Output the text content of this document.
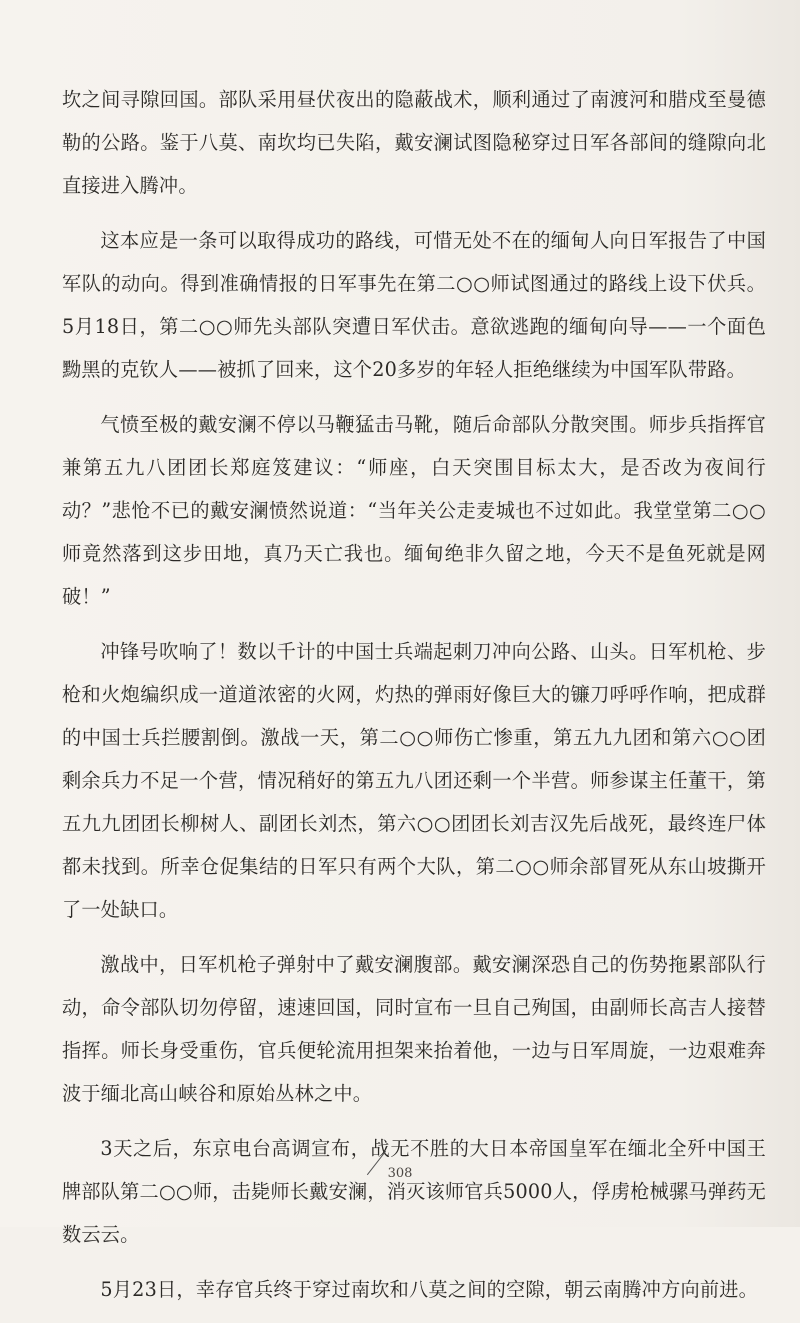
坎之间寻隙回国。部队采用昼伏夜出的隐蔽战术，顺利通过了南渡河和腊戍至曼德勒的公路。鉴于八莫、南坎均已失陷，戴安澜试图隐秘穿过日军各部间的缝隙向北直接进入腾冲。

这本应是一条可以取得成功的路线，可惜无处不在的缅甸人向日军报告了中国军队的动向。得到准确情报的日军事先在第二○○师试图通过的路线上设下伏兵。5月18日，第二○○师先头部队突遭日军伏击。意欲逃跑的缅甸向导——一个面色黝黑的克钦人——被抓了回来，这个20多岁的年轻人拒绝继续为中国军队带路。

气愤至极的戴安澜不停以马鞭猛击马靴，随后命部队分散突围。师步兵指挥官兼第五九八团团长郑庭笈建议：“师座，白天突围目标太大，是否改为夜间行动？”悲怆不已的戴安澜愤然说道：“当年关公走麦城也不过如此。我堂堂第二○○师竟然落到这步田地，真乃天亡我也。缅甸绝非久留之地，今天不是鱼死就是网破！”

冲锋号吹响了！数以千计的中国士兵端起刺刀冲向公路、山头。日军机枪、步枪和火炮编织成一道道浓密的火网，灼热的弹雨好像巨大的镰刀呼呼作响，把成群的中国士兵拦腰割倒。激战一天，第二○○师伤亡惨重，第五九九团和第六○○团剩余兵力不足一个营，情况稍好的第五九八团还剩一个半营。师参谋主任董干，第五九九团团长柳树人、副团长刘杰，第六○○团团长刘吉汉先后战死，最终连尸体都未找到。所幸仓促集结的日军只有两个大队，第二○○师余部冒死从东山坡撕开了一处缺口。

激战中，日军机枪子弹射中了戴安澜腹部。戴安澜深恐自己的伤势拖累部队行动，命令部队切勿停留，速速回国，同时宣布一旦自己殉国，由副师长高吉人接替指挥。师长身受重伤，官兵便轮流用担架来抬着他，一边与日军周旋，一边艰难奔波于缅北高山峡谷和原始丛林之中。

3天之后，东京电台高调宣布，战无不胜的大日本帝国皇军在缅北全歼中国王牌部队第二○○师，击毙师长戴安澜，消灭该师官兵5000人，俘虏枪械骡马弹药无数云云。

5月23日，幸存官兵终于穿过南坎和八莫之间的空隙，朝云南腾冲方向前进。

308
